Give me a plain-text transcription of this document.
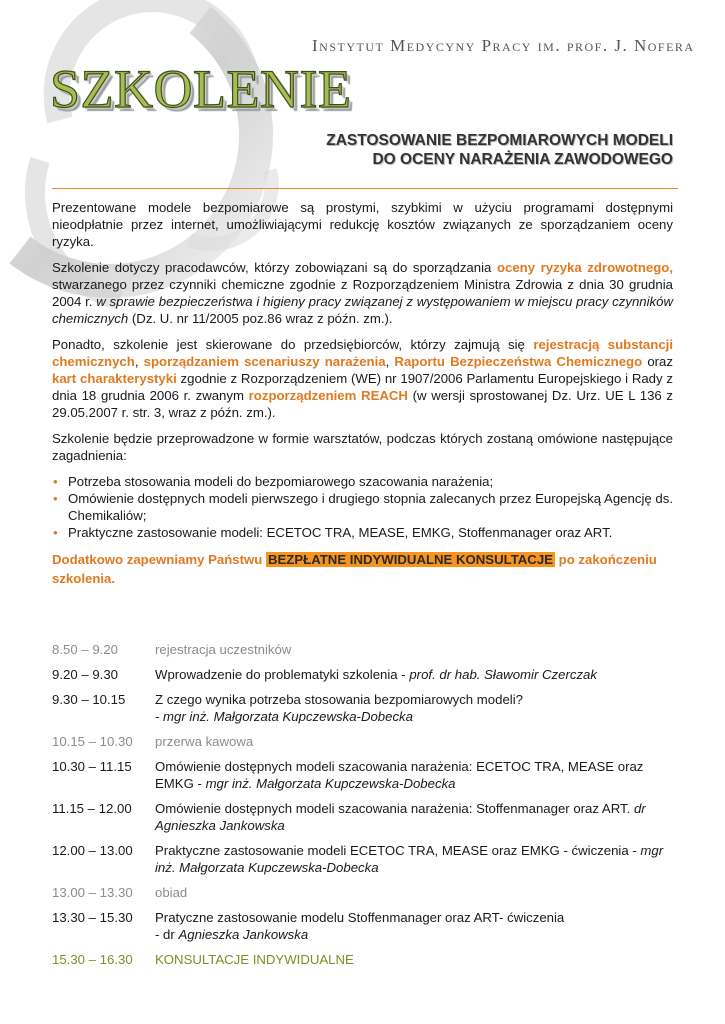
Instytut Medycyny Pracy im. prof. J. Nofera
SZKOLENIE
ZASTOSOWANIE BEZPOMIAROWYCH MODELI
DO OCENY NARAŻENIA ZAWODOWEGO

Prezentowane modele bezpomiarowe są prostymi, szybkimi w użyciu programami dostępnymi nieodpłatnie przez internet, umożliwiającymi redukcję kosztów związanych ze sporządzaniem oceny ryzyka.

Szkolenie dotyczy pracodawców, którzy zobowiązani są do sporządzania oceny ryzyka zdrowotnego, stwarzanego przez czynniki chemiczne zgodnie z Rozporządzeniem Ministra Zdrowia z dnia 30 grudnia 2004 r. w sprawie bezpieczeństwa i higieny pracy związanej z występowaniem w miejscu pracy czynników chemicznych (Dz. U. nr 11/2005 poz.86 wraz z późn. zm.).

Ponadto, szkolenie jest skierowane do przedsiębiorców, którzy zajmują się rejestracją substancji chemicznych, sporządzaniem scenariuszy narażenia, Raportu Bezpieczeństwa Chemicznego oraz kart charakterystyki zgodnie z Rozporządzeniem (WE) nr 1907/2006 Parlamentu Europejskiego i Rady z dnia 18 grudnia 2006 r. zwanym rozporządzeniem REACH (w wersji sprostowanej Dz. Urz. UE L 136 z 29.05.2007 r. str. 3, wraz z późn. zm.).

Szkolenie będzie przeprowadzone w formie warsztatów, podczas których zostaną omówione następujące zagadnienia:

• Potrzeba stosowania modeli do bezpomiarowego szacowania narażenia;
• Omówienie dostępnych modeli pierwszego i drugiego stopnia zalecanych przez Europejską Agencję ds. Chemikaliów;
• Praktyczne zastosowanie modeli: ECETOC TRA, MEASE, EMKG, Stoffenmanager oraz ART.

Dodatkowo zapewniamy Państwu BEZPŁATNE INDYWIDUALNE KONSULTACJE po zakończeniu szkolenia.

8.50 – 9.20	rejestracja uczestników
9.20 – 9.30	Wprowadzenie do problematyki szkolenia - prof. dr hab. Sławomir Czerczak
9.30 – 10.15	Z czego wynika potrzeba stosowania bezpomiarowych modeli?
- mgr inż. Małgorzata Kupczewska-Dobecka
10.15 – 10.30	przerwa kawowa
10.30 – 11.15	Omówienie dostępnych modeli szacowania narażenia: ECETOC TRA, MEASE oraz EMKG - mgr inż. Małgorzata Kupczewska-Dobecka
11.15 – 12.00	Omówienie dostępnych modeli szacowania narażenia: Stoffenmanager oraz ART. dr Agnieszka Jankowska
12.00 – 13.00	Praktyczne zastosowanie modeli ECETOC TRA, MEASE oraz EMKG - ćwiczenia - mgr inż. Małgorzata Kupczewska-Dobecka
13.00 – 13.30	obiad
13.30 – 15.30	Pratyczne zastosowanie modelu Stoffenmanager oraz ART- ćwiczenia
- dr Agnieszka Jankowska
15.30 – 16.30	KONSULTACJE INDYWIDUALNE
